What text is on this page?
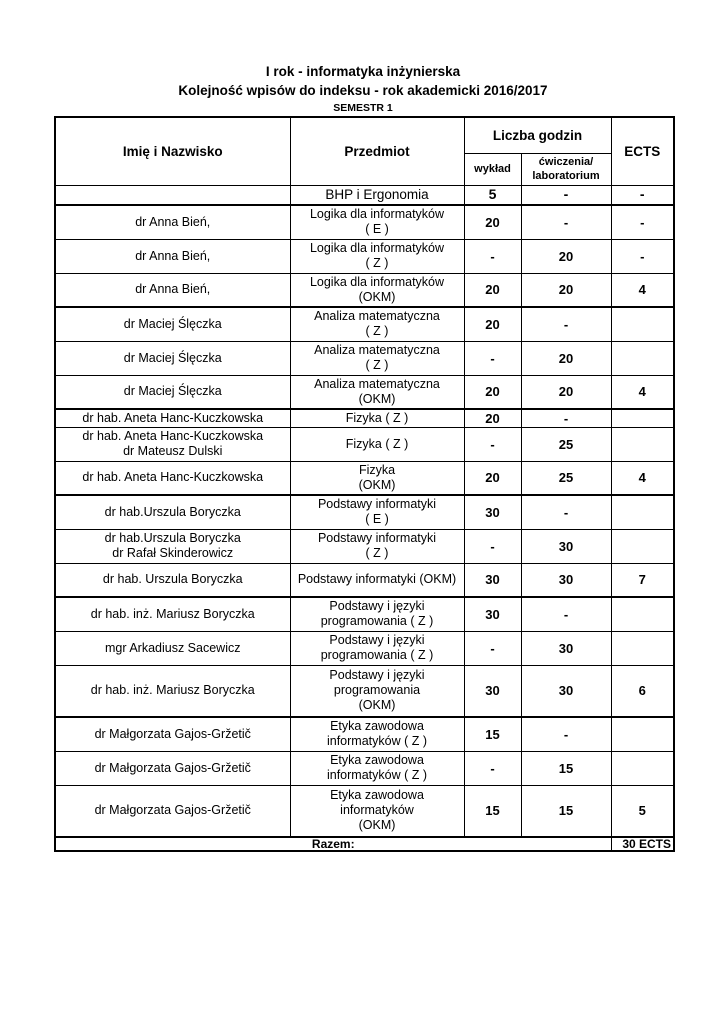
I rok - informatyka inżynierska
Kolejność wpisów do indeksu - rok akademicki 2016/2017
SEMESTR 1
Imię i Nazwisko	Przedmiot	Liczba godzin		ECTS
		wykład	ćwiczenia/ laboratorium	

	BHP i Ergonomia	5	-	-

dr Anna Bień,	Logika dla informatyków
( E )	20	-	-

dr Anna Bień,	Logika dla informatyków
( Z )	-	20	-

dr Anna Bień,	Logika dla informatyków
(OKM)	20	20	4

dr Maciej Ślęczka	Analiza matematyczna
( Z )	20	-	

dr Maciej Ślęczka	Analiza matematyczna
( Z )	-	20	

dr Maciej Ślęczka	Analiza matematyczna
(OKM)	20	20	4

dr hab. Aneta Hanc-Kuczkowska	Fizyka ( Z )	20	-	

dr hab. Aneta Hanc-Kuczkowska
dr Mateusz Dulski	Fizyka ( Z )	-	25	

dr hab. Aneta Hanc-Kuczkowska	Fizyka
(OKM)	20	25	4

dr hab.Urszula Boryczka	Podstawy informatyki
( E )	30	-	

dr hab.Urszula Boryczka
dr Rafał Skinderowicz	Podstawy informatyki
( Z )	-	30	

dr hab. Urszula Boryczka	Podstawy informatyki (OKM)	30	30	7

dr hab. inż. Mariusz Boryczka	Podstawy i języki
programowania ( Z )	30	-	

mgr Arkadiusz Sacewicz	Podstawy i języki
programowania ( Z )	-	30	

dr hab. inż. Mariusz Boryczka	Podstawy i języki
programowania
(OKM)	30	30	6

dr Małgorzata Gajos-Gržetič	Etyka zawodowa
informatyków ( Z )	15	-	

dr Małgorzata Gajos-Gržetič	Etyka zawodowa
informatyków ( Z )	-	15	

dr Małgorzata Gajos-Gržetič	Etyka zawodowa
informatyków
(OKM)	15	15	5
Razem:				30 ECTS
